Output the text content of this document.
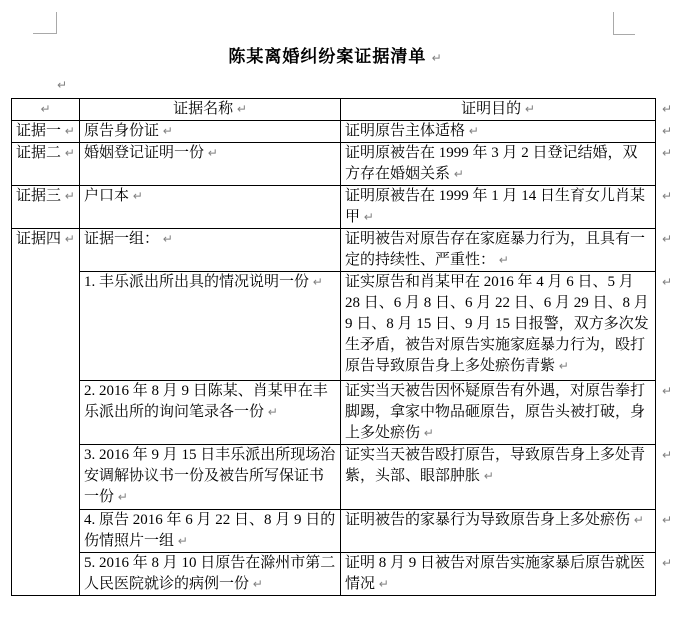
陈某离婚纠纷案证据清单 ↵
↵
↵	证据名称 ↵	证明目的 ↵	↵
证据一 ↵	原告身份证 ↵	证明原告主体适格 ↵	↵
证据二 ↵	婚姻登记证明一份 ↵	证明原被告在 1999 年 3 月 2 日登记结婚，双方存在婚姻关系 ↵	↵
证据三 ↵	户口本 ↵	证明原被告在 1999 年 1 月 14 日生育女儿肖某甲 ↵	↵
证据四 ↵	证据一组： ↵	证明被告对原告存在家庭暴力行为，且具有一定的持续性、严重性： ↵	↵
	1. 丰乐派出所出具的情况说明一份 ↵	证实原告和肖某甲在 2016 年 4 月 6 日、5 月 28 日、6 月 8 日、6 月 22 日、6 月 29 日、8 月 9 日、8 月 15 日、9 月 15 日报警，双方多次发生矛盾，被告对原告实施家庭暴力行为，殴打原告导致原告身上多处瘀伤青紫 ↵	↵
	2. 2016 年 8 月 9 日陈某、肖某甲在丰乐派出所的询问笔录各一份 ↵	证实当天被告因怀疑原告有外遇，对原告拳打脚踢，拿家中物品砸原告，原告头被打破，身上多处瘀伤 ↵	↵
	3. 2016 年 9 月 15 日丰乐派出所现场治安调解协议书一份及被告所写保证书一份 ↵	证实当天被告殴打原告，导致原告身上多处青紫，头部、眼部肿胀 ↵	↵
	4. 原告 2016 年 6 月 22 日、8 月 9 日的伤情照片一组 ↵	证明被告的家暴行为导致原告身上多处瘀伤 ↵	↵
	5. 2016 年 8 月 10 日原告在滁州市第二人民医院就诊的病例一份 ↵	证明 8 月 9 日被告对原告实施家暴后原告就医情况 ↵	↵
